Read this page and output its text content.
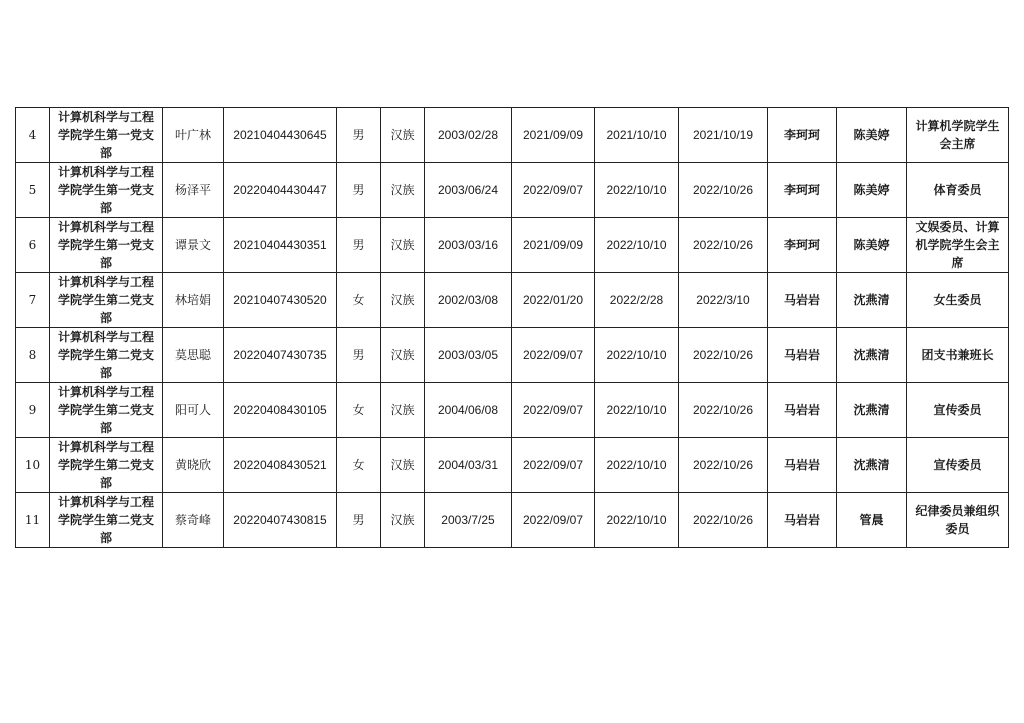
4	计算机科学与工程学院学生第一党支部	叶广林	20210404430645	男	汉族	2003/02/28	2021/09/09	2021/10/10	2021/10/19	李珂珂	陈美婷	计算机学院学生会主席
5	计算机科学与工程学院学生第一党支部	杨泽平	20220404430447	男	汉族	2003/06/24	2022/09/07	2022/10/10	2022/10/26	李珂珂	陈美婷	体育委员
6	计算机科学与工程学院学生第一党支部	谭景文	20210404430351	男	汉族	2003/03/16	2021/09/09	2022/10/10	2022/10/26	李珂珂	陈美婷	文娱委员、计算机学院学生会主席
7	计算机科学与工程学院学生第二党支部	林培娟	20210407430520	女	汉族	2002/03/08	2022/01/20	2022/2/28	2022/3/10	马岩岩	沈燕清	女生委员
8	计算机科学与工程学院学生第二党支部	莫思聪	20220407430735	男	汉族	2003/03/05	2022/09/07	2022/10/10	2022/10/26	马岩岩	沈燕清	团支书兼班长
9	计算机科学与工程学院学生第二党支部	阳可人	20220408430105	女	汉族	2004/06/08	2022/09/07	2022/10/10	2022/10/26	马岩岩	沈燕清	宣传委员
10	计算机科学与工程学院学生第二党支部	黄晓欣	20220408430521	女	汉族	2004/03/31	2022/09/07	2022/10/10	2022/10/26	马岩岩	沈燕清	宣传委员
11	计算机科学与工程学院学生第二党支部	蔡奇峰	20220407430815	男	汉族	2003/7/25	2022/09/07	2022/10/10	2022/10/26	马岩岩	管晨	纪律委员兼组织委员
